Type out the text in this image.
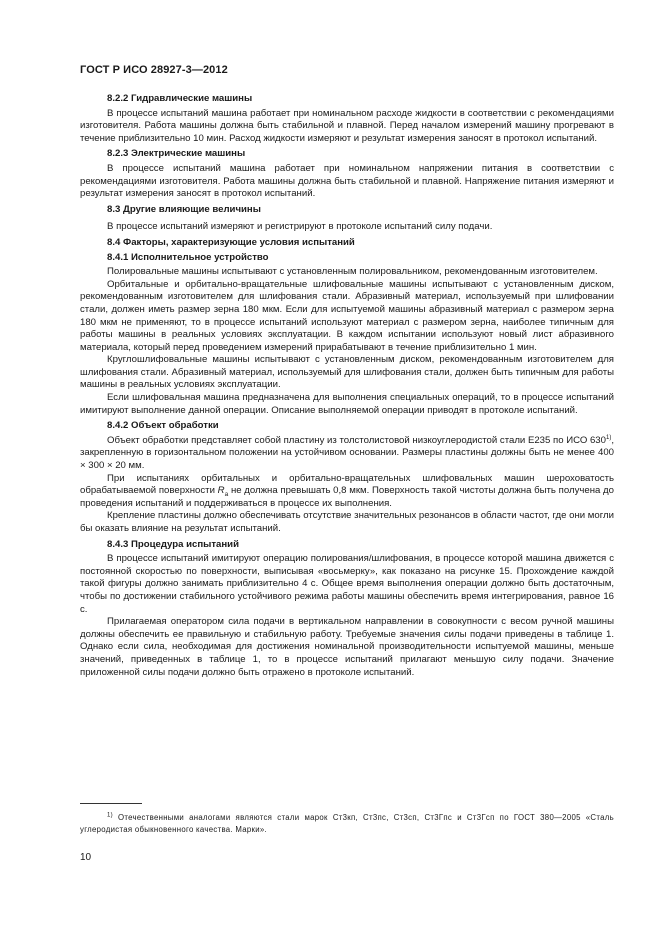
ГОСТ Р ИСО 28927-3—2012
8.2.2 Гидравлические машины

В процессе испытаний машина работает при номинальном расходе жидкости в соответствии с рекомендациями изготовителя. Работа машины должна быть стабильной и плавной. Перед началом измерений машину прогревают в течение приблизительно 10 мин. Расход жидкости измеряют и результат измерения заносят в протокол испытаний.

8.2.3 Электрические машины

В процессе испытаний машина работает при номинальном напряжении питания в соответствии с рекомендациями изготовителя. Работа машины должна быть стабильной и плавной. Напряжение питания измеряют и результат измерения заносят в протокол испытаний.

8.3 Другие влияющие величины

В процессе испытаний измеряют и регистрируют в протоколе испытаний силу подачи.

8.4 Факторы, характеризующие условия испытаний
8.4.1 Исполнительное устройство

Полировальные машины испытывают с установленным полировальником, рекомендованным изготовителем.

Орбитальные и орбитально-вращательные шлифовальные машины испытывают с установленным диском, рекомендованным изготовителем для шлифования стали. Абразивный материал, используемый при шлифовании стали, должен иметь размер зерна 180 мкм. Если для испытуемой машины абразивный материал с размером зерна 180 мкм не применяют, то в процессе испытаний используют материал с размером зерна, наиболее типичным для работы машины в реальных условиях эксплуатации. В каждом испытании используют новый лист абразивного материала, который перед проведением измерений прирабатывают в течение приблизительно 1 мин.

Круглошлифовальные машины испытывают с установленным диском, рекомендованным изготовителем для шлифования стали. Абразивный материал, используемый для шлифования стали, должен быть типичным для работы машины в реальных условиях эксплуатации.

Если шлифовальная машина предназначена для выполнения специальных операций, то в процессе испытаний имитируют выполнение данной операции. Описание выполняемой операции приводят в протоколе испытаний.

8.4.2 Объект обработки

Объект обработки представляет собой пластину из толстолистовой низкоуглеродистой стали Е235 по ИСО 630$^{1)}$, закрепленную в горизонтальном положении на устойчивом основании. Размеры пластины должны быть не менее 400 × 300 × 20 мм.

При испытаниях орбитальных и орбитально-вращательных шлифовальных машин шероховатость обрабатываемой поверхности $R_a$ не должна превышать 0,8 мкм. Поверхность такой чистоты должна быть получена до проведения испытаний и поддерживаться в процессе их выполнения.

Крепление пластины должно обеспечивать отсутствие значительных резонансов в области частот, где они могли бы оказать влияние на результат испытаний.

8.4.3 Процедура испытаний

В процессе испытаний имитируют операцию полирования/шлифования, в процессе которой машина движется с постоянной скоростью по поверхности, выписывая «восьмерку», как показано на рисунке 15. Прохождение каждой такой фигуры должно занимать приблизительно 4 с. Общее время выполнения операции должно быть достаточным, чтобы по достижении стабильного устойчивого режима работы машины обеспечить время интегрирования, равное 16 с.

Прилагаемая оператором сила подачи в вертикальном направлении в совокупности с весом ручной машины должны обеспечить ее правильную и стабильную работу. Требуемые значения силы подачи приведены в таблице 1. Однако если сила, необходимая для достижения номинальной производительности испытуемой машины, меньше значений, приведенных в таблице 1, то в процессе испытаний прилагают меньшую силу подачи. Значение приложенной силы подачи должно быть отражено в протоколе испытаний.

$^{1)}$ Отечественными аналогами являются стали марок Ст3кп, Ст3пс, Ст3сп, Ст3Гпс и Ст3Гсп по ГОСТ 380—2005 «Сталь углеродистая обыкновенного качества. Марки».
10
